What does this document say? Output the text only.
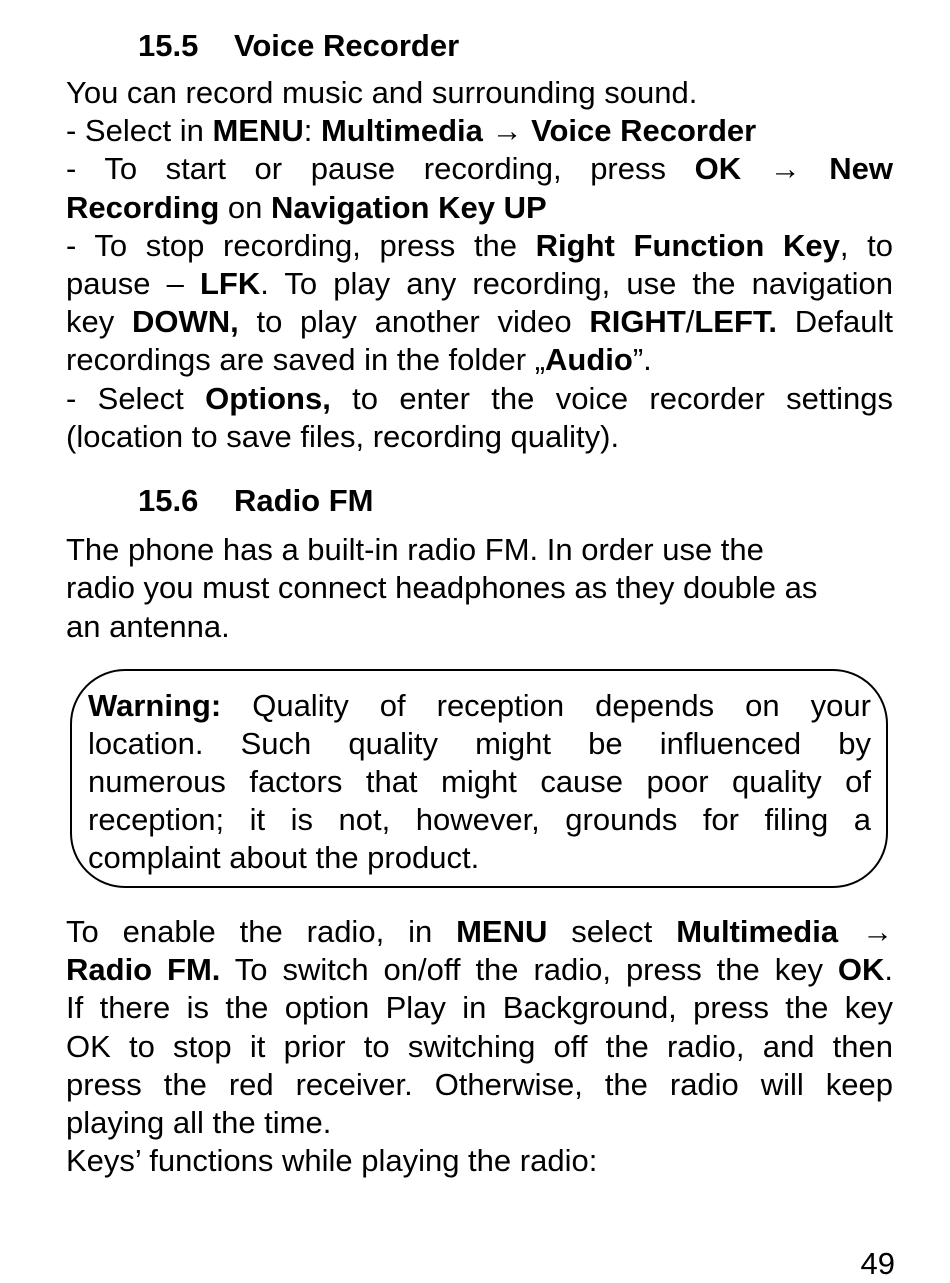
15.5 Voice Recorder
You can record music and surrounding sound.
- Select in MENU: Multimedia → Voice Recorder
- To start or pause recording, press OK → New
Recording on Navigation Key UP
- To stop recording, press the Right Function Key, to
pause – LFK. To play any recording, use the navigation
key DOWN, to play another video RIGHT/LEFT. Default
recordings are saved in the folder „Audio”.
- Select Options, to enter the voice recorder settings
(location to save files, recording quality).
15.6 Radio FM
The phone has a built-in radio FM. In order use the
radio you must connect headphones as they double as
an antenna.
Warning: Quality of reception depends on your
location. Such quality might be influenced by
numerous factors that might cause poor quality of
reception; it is not, however, grounds for filing a
complaint about the product.
To enable the radio, in MENU select Multimedia →
Radio FM. To switch on/off the radio, press the key OK.
If there is the option Play in Background, press the key
OK to stop it prior to switching off the radio, and then
press the red receiver. Otherwise, the radio will keep
playing all the time.
Keys’ functions while playing the radio:
49
